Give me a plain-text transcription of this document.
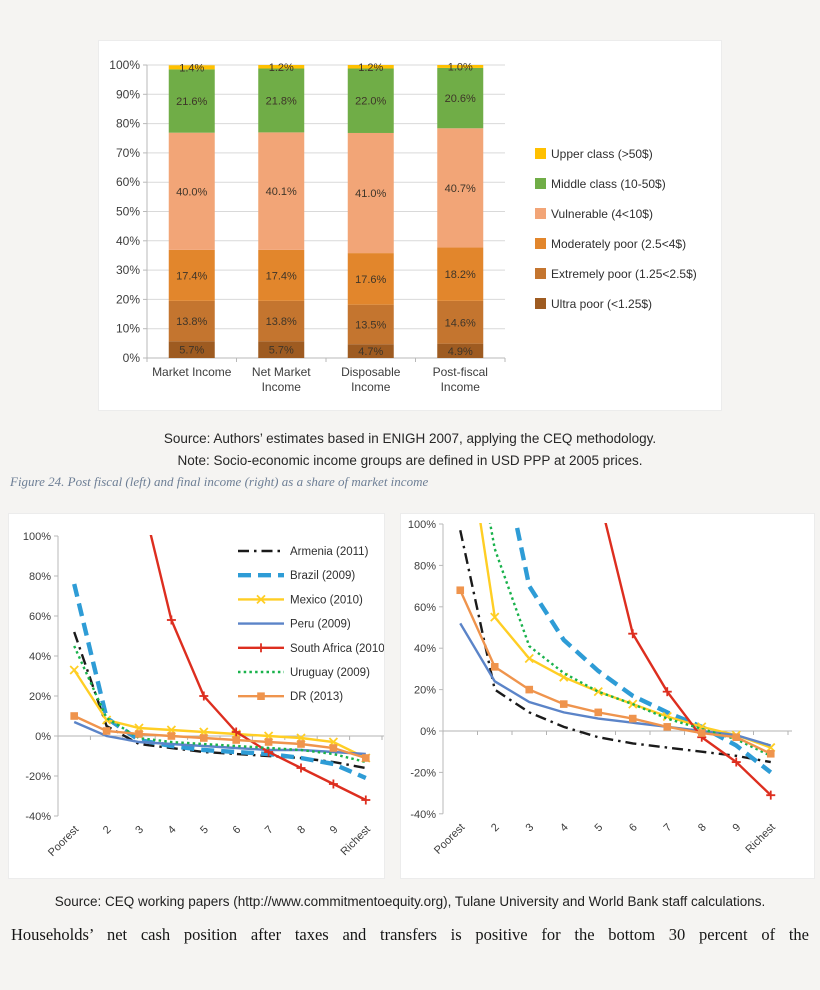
0%
10%
20%
30%
40%
50%
60%
70%
80%
90%
100%
5.7%
13.8%
17.4%
40.0%
21.6%
1.4%
Market Income
5.7%
13.8%
17.4%
40.1%
21.8%
1.2%
Net Market
Income
4.7%
13.5%
17.6%
41.0%
22.0%
1.2%
Disposable
Income
4.9%
14.6%
18.2%
40.7%
20.6%
1.0%
Post-fiscal
Income
Upper class (>50$)
Middle class (10-50$)
Vulnerable (4<10$)
Moderately poor (2.5<4$)
Extremely poor (1.25<2.5$)
Ultra poor (<1.25$)
Source: Authors’ estimates based in ENIGH 2007, applying the CEQ methodology.
Note: Socio-economic income groups are defined in USD PPP at 2005 prices.
Figure 24. Post fiscal (left) and final income (right) as a share of market income
-40%
-20%
0%
20%
40%
60%
80%
100%
Poorest 2 3 4 5 6 7 8 9
Richest
Armenia (2011)
Brazil (2009)
Mexico (2010)
Peru (2009)
South Africa (2010)
Uruguay (2009)
DR (2013)
-40%
-20%
0%
20%
40%
60%
80%
100%
Poorest 2 3 4 5 6 7 8 9 Richest
Source: CEQ working papers (http://www.commitmentoequity.org), Tulane University and World Bank staff calculations.
Households’ net cash position after taxes and transfers is positive for the bottom 30 percent of the
